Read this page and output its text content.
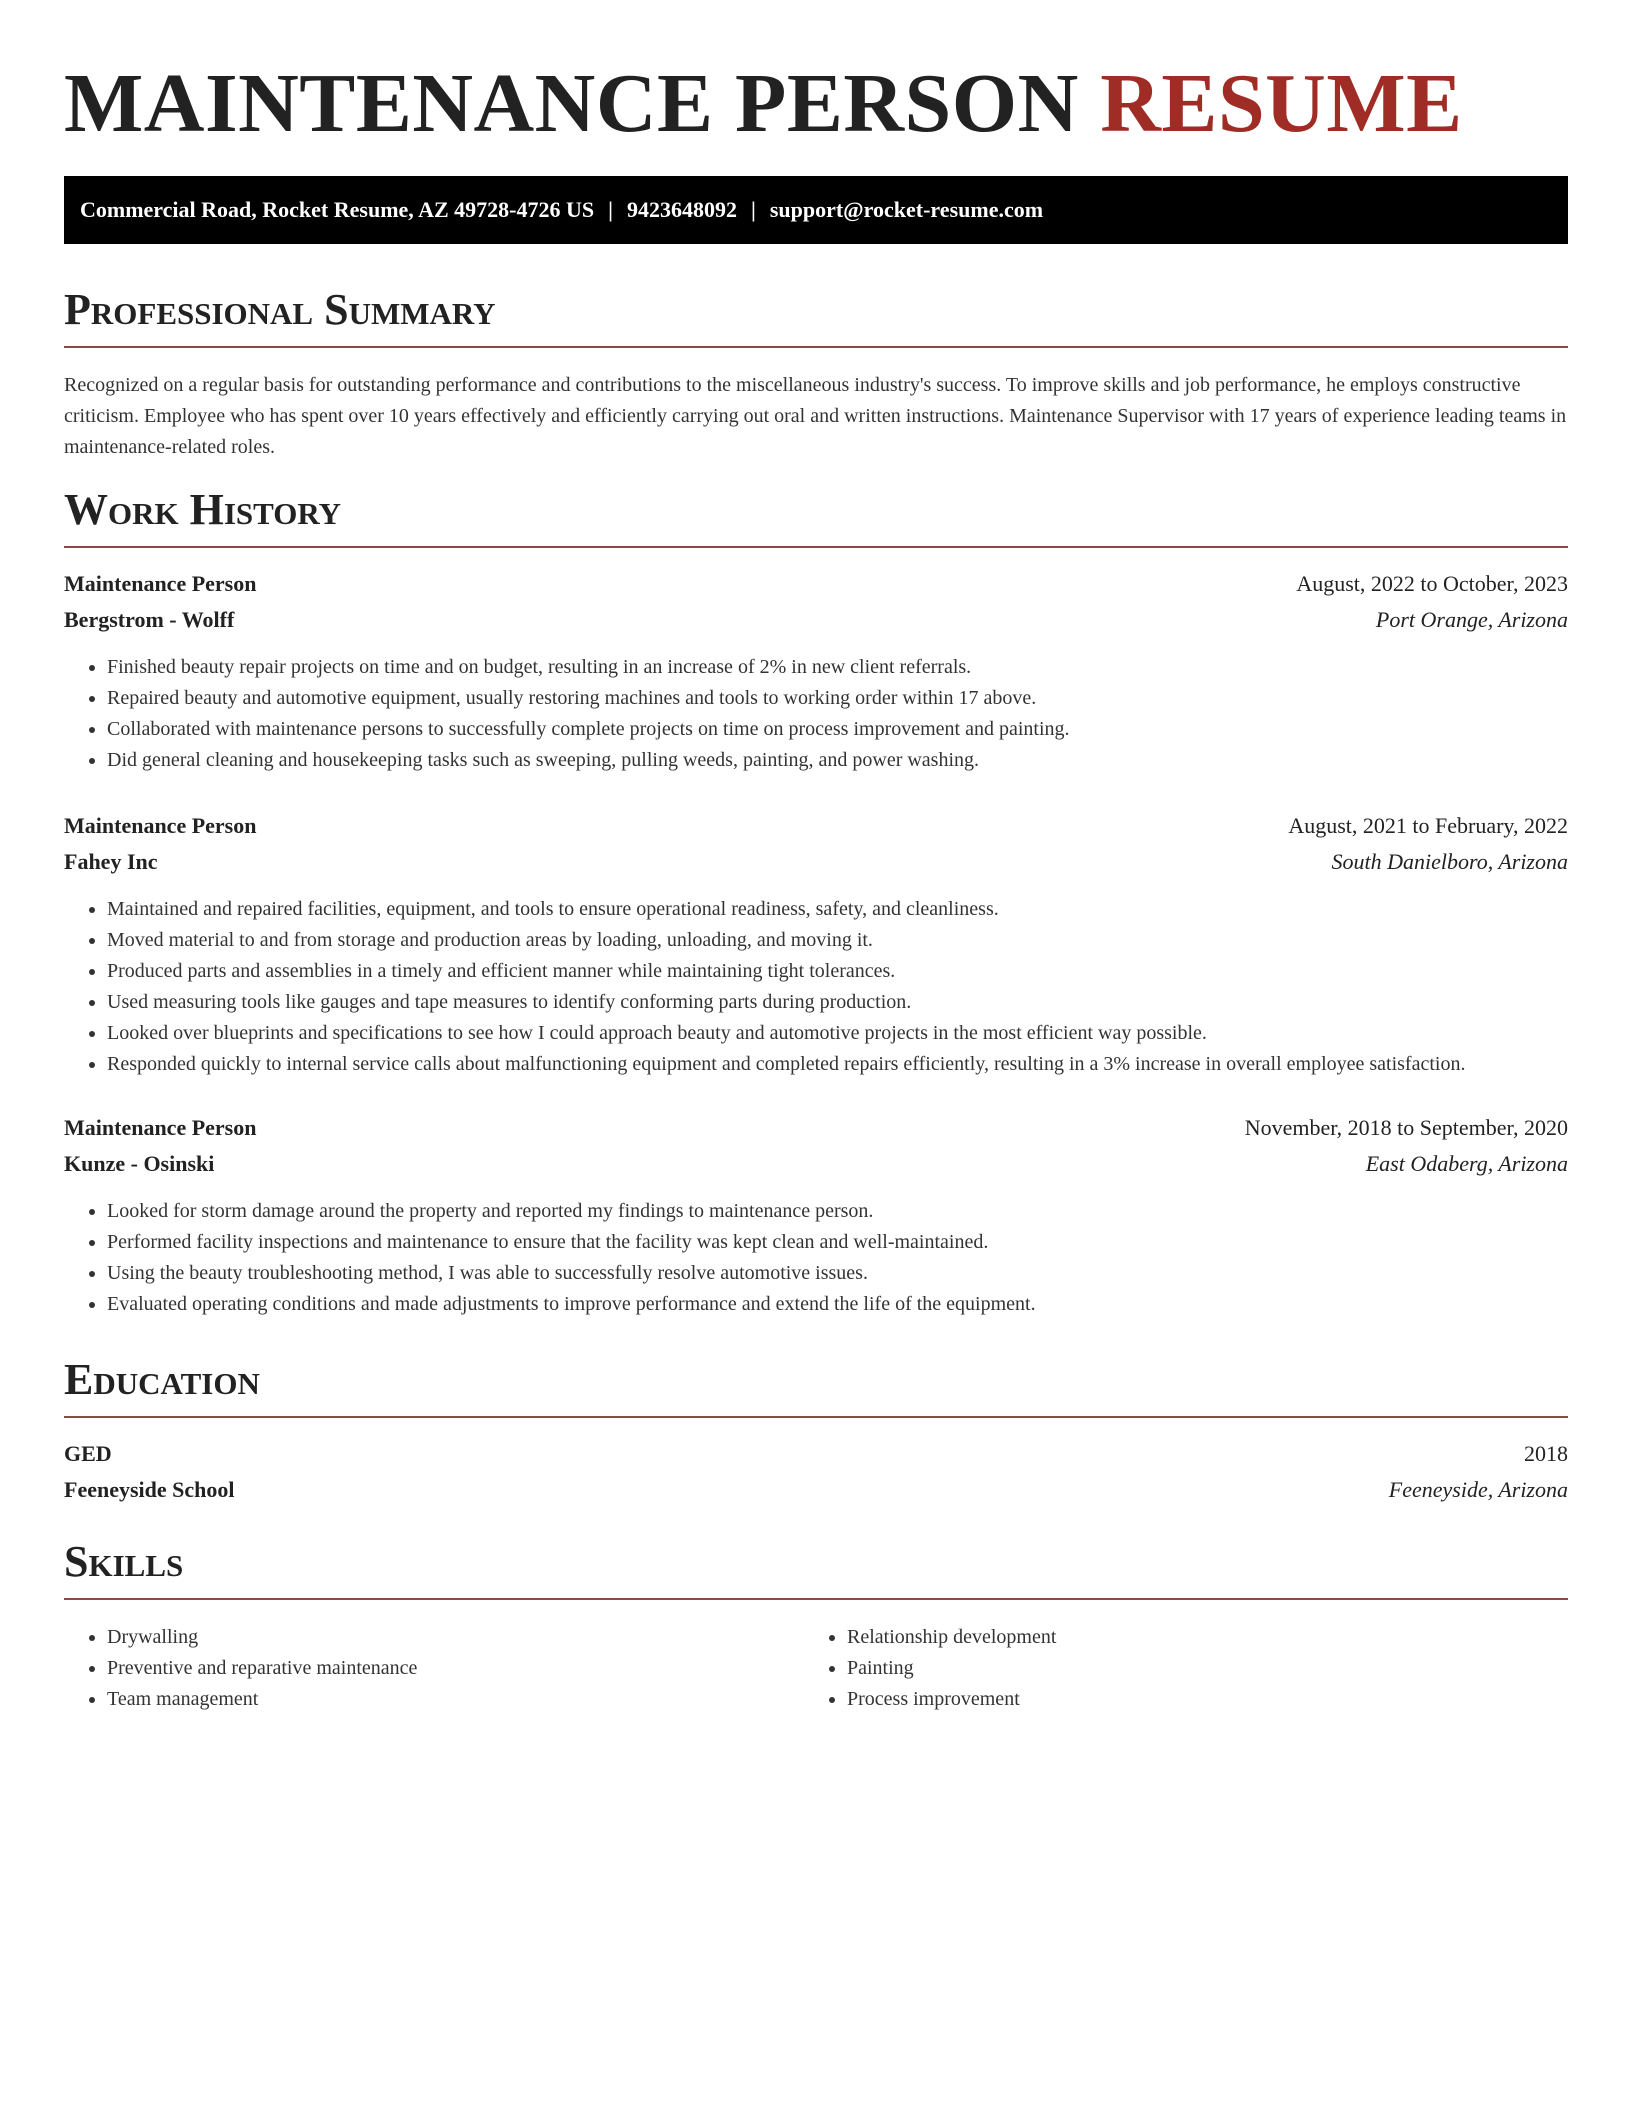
MAINTENANCE PERSON RESUME
Commercial Road, Rocket Resume, AZ 49728-4726 US | 9423648092 | support@rocket-resume.com
Professional Summary

Recognized on a regular basis for outstanding performance and contributions to the miscellaneous industry's success. To improve skills and job performance, he employs constructive criticism. Employee who has spent over 10 years effectively and efficiently carrying out oral and written instructions. Maintenance Supervisor with 17 years of experience leading teams in maintenance-related roles.

Work History
Maintenance Person	August, 2022 to October, 2023
Bergstrom - Wolff	Port Orange, Arizona
• Finished beauty repair projects on time and on budget, resulting in an increase of 2% in new client referrals.
• Repaired beauty and automotive equipment, usually restoring machines and tools to working order within 17 above.
• Collaborated with maintenance persons to successfully complete projects on time on process improvement and painting.
• Did general cleaning and housekeeping tasks such as sweeping, pulling weeds, painting, and power washing.
Maintenance Person	August, 2021 to February, 2022
Fahey Inc	South Danielboro, Arizona
• Maintained and repaired facilities, equipment, and tools to ensure operational readiness, safety, and cleanliness.
• Moved material to and from storage and production areas by loading, unloading, and moving it.
• Produced parts and assemblies in a timely and efficient manner while maintaining tight tolerances.
• Used measuring tools like gauges and tape measures to identify conforming parts during production.
• Looked over blueprints and specifications to see how I could approach beauty and automotive projects in the most efficient way possible.
• Responded quickly to internal service calls about malfunctioning equipment and completed repairs efficiently, resulting in a 3% increase in overall employee satisfaction.
Maintenance Person	November, 2018 to September, 2020
Kunze - Osinski	East Odaberg, Arizona
• Looked for storm damage around the property and reported my findings to maintenance person.
• Performed facility inspections and maintenance to ensure that the facility was kept clean and well-maintained.
• Using the beauty troubleshooting method, I was able to successfully resolve automotive issues.
• Evaluated operating conditions and made adjustments to improve performance and extend the life of the equipment.
Education
GED	2018
Feeneyside School	Feeneyside, Arizona
Skills
• Drywalling
• Preventive and reparative maintenance
• Team management
• Relationship development
• Painting
• Process improvement
